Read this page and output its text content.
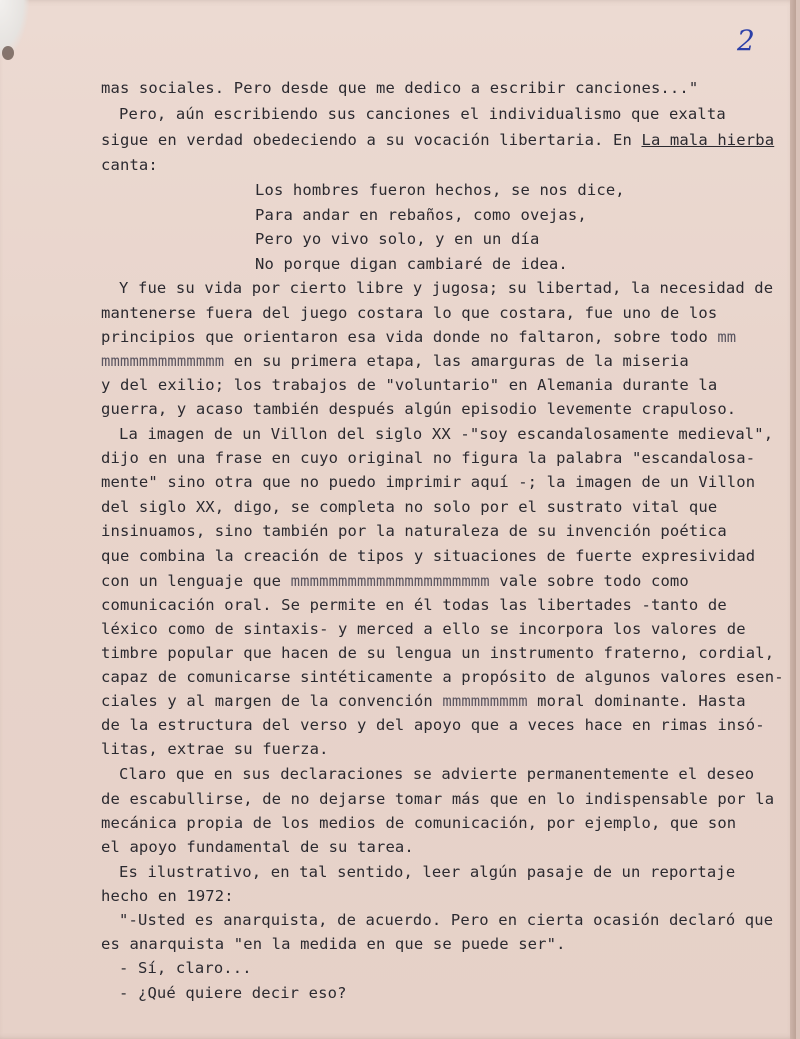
2
mas sociales. Pero desde que me dedico a escribir canciones..."
Pero, aún escribiendo sus canciones el individualismo que exalta
sigue en verdad obedeciendo a su vocación libertaria. En La mala hierba
canta:
Los hombres fueron hechos, se nos dice,
Para andar en rebaños, como ovejas,
Pero yo vivo solo, y en un día
No porque digan cambiaré de idea.
Y fue su vida por cierto libre y jugosa; su libertad, la necesidad de
mantenerse fuera del juego costara lo que costara, fue uno de los
principios que orientaron esa vida donde no faltaron, sobre todo mm
mmmmmmmmmmmmm en su primera etapa, las amarguras de la miseria
y del exilio; los trabajos de "voluntario" en Alemania durante la
guerra, y acaso también después algún episodio levemente crapuloso.
La imagen de un Villon del siglo XX -"soy escandalosamente medieval",
dijo en una frase en cuyo original no figura la palabra "escandalosa-
mente" sino otra que no puedo imprimir aquí -; la imagen de un Villon
del siglo XX, digo, se completa no solo por el sustrato vital que
insinuamos, sino también por la naturaleza de su invención poética
que combina la creación de tipos y situaciones de fuerte expresividad
con un lenguaje que mmmmmmmmmmmmmmmmmmmmm vale sobre todo como
comunicación oral. Se permite en él todas las libertades -tanto de
léxico como de sintaxis- y merced a ello se incorpora los valores de
timbre popular que hacen de su lengua un instrumento fraterno, cordial,
capaz de comunicarse sintéticamente a propósito de algunos valores esen-
ciales y al margen de la convención mmmmmmmmm moral dominante. Hasta
de la estructura del verso y del apoyo que a veces hace en rimas insó-
litas, extrae su fuerza.
Claro que en sus declaraciones se advierte permanentemente el deseo
de escabullirse, de no dejarse tomar más que en lo indispensable por la
mecánica propia de los medios de comunicación, por ejemplo, que son
el apoyo fundamental de su tarea.
Es ilustrativo, en tal sentido, leer algún pasaje de un reportaje
hecho en 1972:
"-Usted es anarquista, de acuerdo. Pero en cierta ocasión declaró que
es anarquista "en la medida en que se puede ser".
- Sí, claro...
- ¿Qué quiere decir eso?
